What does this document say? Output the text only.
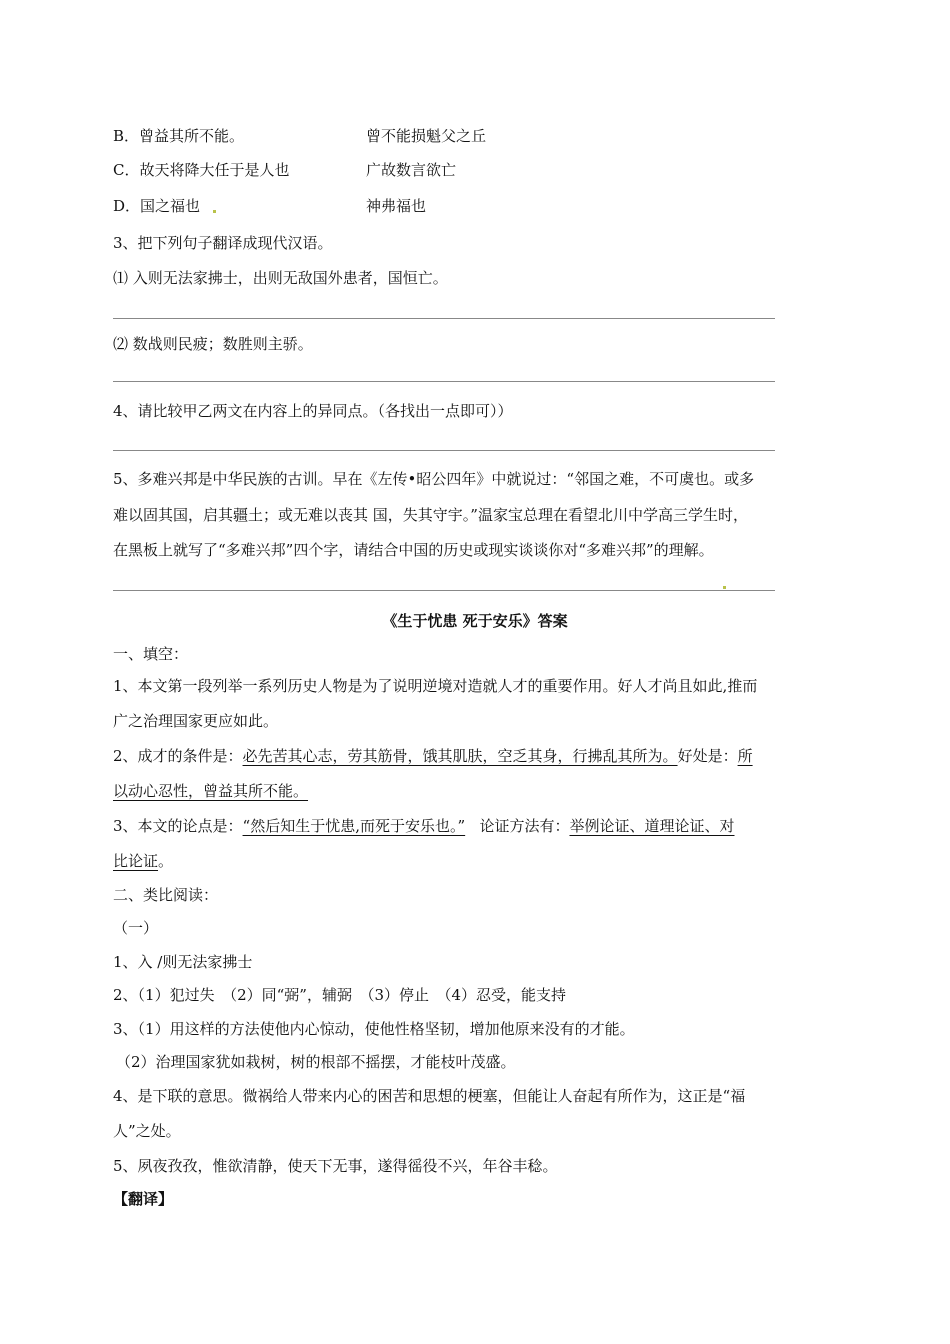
B．曾益其所不能。	曾不能损魁父之丘
C．故天将降大任于是人也	广故数言欲亡
D．国之福也	神弗福也
3、把下列句子翻译成现代汉语。
⑴ 入则无法家拂士，出则无敌国外患者，国恒亡。
⑵ 数战则民疲；数胜则主骄。
4、请比较甲乙两文在内容上的异同点。（各找出一点即可））
5、多难兴邦是中华民族的古训。早在《左传•昭公四年》中就说过：“邻国之难，不可虞也。或多
难以固其国，启其疆土；或无难以丧其 国，失其守宇。”温家宝总理在看望北川中学高三学生时，
在黑板上就写了“多难兴邦”四个字，请结合中国的历史或现实谈谈你对“多难兴邦”的理解。
《生于忧患 死于安乐》答案
一、填空：
1、本文第一段列举一系列历史人物是为了说明逆境对造就人才的重要作用。好人才尚且如此,推而
广之治理国家更应如此。
2、成才的条件是：必先苦其心志，劳其筋骨，饿其肌肤，空乏其身，行拂乱其所为。好处是：所
以动心忍性，曾益其所不能。
3、本文的论点是：“然后知生于忧患,而死于安乐也。” 论证方法有：举例论证、道理论证、对
比论证。
二、类比阅读：
（一）
1、入 /则无法家拂士
2、（1）犯过失　（2）同“弼”，辅弼　（3）停止　（4）忍受，能支持
3、（1）用这样的方法使他内心惊动，使他性格坚韧，增加他原来没有的才能。
（2）治理国家犹如栽树，树的根部不摇摆，才能枝叶茂盛。
4、是下联的意思。微祸给人带来内心的困苦和思想的梗塞，但能让人奋起有所作为，这正是“福
人”之处。
5、夙夜孜孜，惟欲清静，使天下无事，遂得徭役不兴，年谷丰稔。
【翻译】
